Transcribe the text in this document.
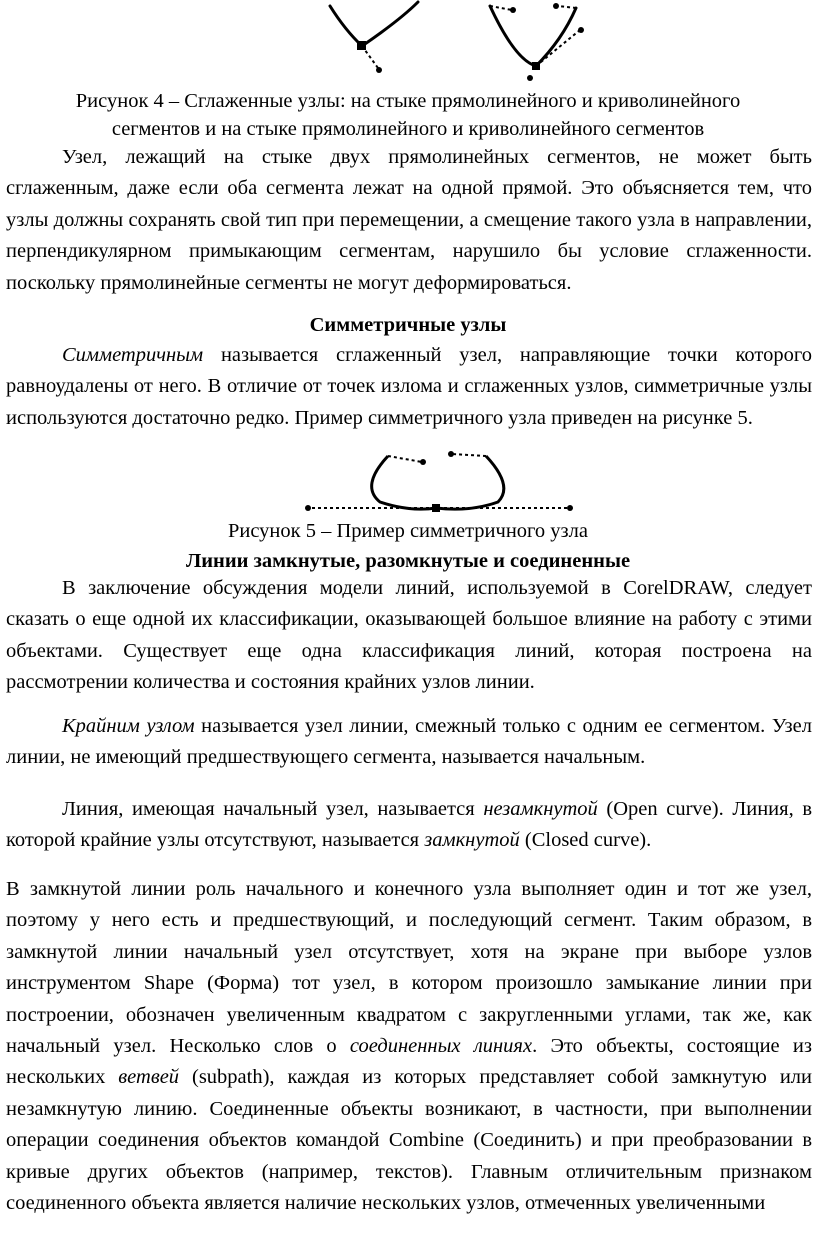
Рисунок 4 – Сглаженные узлы: на стыке прямолинейного и криволинейного
сегментов и на стыке прямолинейного и криволинейного сегментов

Узел, лежащий на стыке двух прямолинейных сегментов, не может быть сглаженным, даже если оба сегмента лежат на одной прямой. Это объясняется тем, что узлы должны сохранять свой тип при перемещении, а смещение такого узла в направлении, перпендикулярном примыкающим сегментам, нарушило бы условие сглаженности. поскольку прямолинейные сегменты не могут деформироваться.

Симметричные узлы

Симметричным называется сглаженный узел, направляющие точки которого равноудалены от него. В отличие от точек излома и сглаженных узлов, симметричные узлы используются достаточно редко. Пример симметричного узла приведен на рисунке 5.

Рисунок 5 – Пример симметричного узла
Линии замкнутые, разомкнутые и соединенные

В заключение обсуждения модели линий, используемой в CorelDRAW, следует сказать о еще одной их классификации, оказывающей большое влияние на работу с этими объектами. Существует еще одна классификация линий, которая построена на рассмотрении количества и состояния крайних узлов линии.

Крайним узлом называется узел линии, смежный только с одним ее сегментом. Узел линии, не имеющий предшествующего сегмента, называется начальным.

Линия, имеющая начальный узел, называется незамкнутой (Open curve). Линия, в которой крайние узлы отсутствуют, называется замкнутой (Closed curve).

В замкнутой линии роль начального и конечного узла выполняет один и тот же узел, поэтому у него есть и предшествующий, и последующий сегмент. Таким образом, в замкнутой линии начальный узел отсутствует, хотя на экране при выборе узлов инструментом Shape (Форма) тот узел, в котором произошло замыкание линии при построении, обозначен увеличенным квадратом с закругленными углами, так же, как начальный узел. Несколько слов о соединенных линиях. Это объекты, состоящие из нескольких ветвей (subpath), каждая из которых представляет собой замкнутую или незамкнутую линию. Соединенные объекты возникают, в частности, при выполнении операции соединения объектов командой Combine (Соединить) и при преобразовании в кривые других объектов (например, текстов). Главным отличительным признаком соединенного объекта является наличие нескольких узлов, отмеченных увеличенными
